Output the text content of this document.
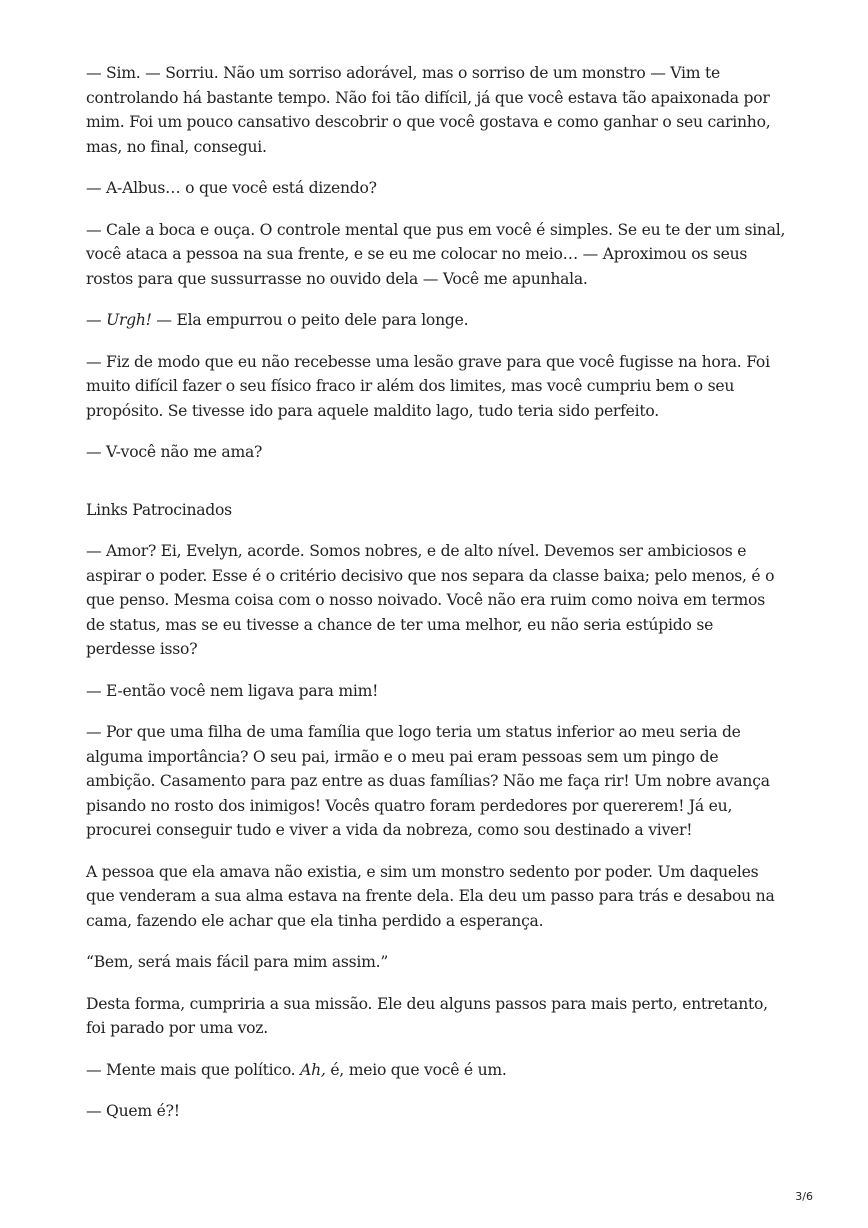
— Sim. — Sorriu. Não um sorriso adorável, mas o sorriso de um monstro — Vim te controlando há bastante tempo. Não foi tão difícil, já que você estava tão apaixonada por mim. Foi um pouco cansativo descobrir o que você gostava e como ganhar o seu carinho, mas, no final, consegui.

— A-Albus… o que você está dizendo?

— Cale a boca e ouça. O controle mental que pus em você é simples. Se eu te der um sinal, você ataca a pessoa na sua frente, e se eu me colocar no meio… — Aproximou os seus rostos para que sussurrasse no ouvido dela — Você me apunhala.

— Urgh! — Ela empurrou o peito dele para longe.

— Fiz de modo que eu não recebesse uma lesão grave para que você fugisse na hora. Foi muito difícil fazer o seu físico fraco ir além dos limites, mas você cumpriu bem o seu propósito. Se tivesse ido para aquele maldito lago, tudo teria sido perfeito.

— V-você não me ama?

Links Patrocinados

— Amor? Ei, Evelyn, acorde. Somos nobres, e de alto nível. Devemos ser ambiciosos e aspirar o poder. Esse é o critério decisivo que nos separa da classe baixa; pelo menos, é o que penso. Mesma coisa com o nosso noivado. Você não era ruim como noiva em termos de status, mas se eu tivesse a chance de ter uma melhor, eu não seria estúpido se perdesse isso?

— E-então você nem ligava para mim!

— Por que uma filha de uma família que logo teria um status inferior ao meu seria de alguma importância? O seu pai, irmão e o meu pai eram pessoas sem um pingo de ambição. Casamento para paz entre as duas famílias? Não me faça rir! Um nobre avança pisando no rosto dos inimigos! Vocês quatro foram perdedores por quererem! Já eu, procurei conseguir tudo e viver a vida da nobreza, como sou destinado a viver!

A pessoa que ela amava não existia, e sim um monstro sedento por poder. Um daqueles que venderam a sua alma estava na frente dela. Ela deu um passo para trás e desabou na cama, fazendo ele achar que ela tinha perdido a esperança.

“Bem, será mais fácil para mim assim.”

Desta forma, cumpriria a sua missão. Ele deu alguns passos para mais perto, entretanto, foi parado por uma voz.

— Mente mais que político. Ah, é, meio que você é um.

— Quem é?!

3/6
